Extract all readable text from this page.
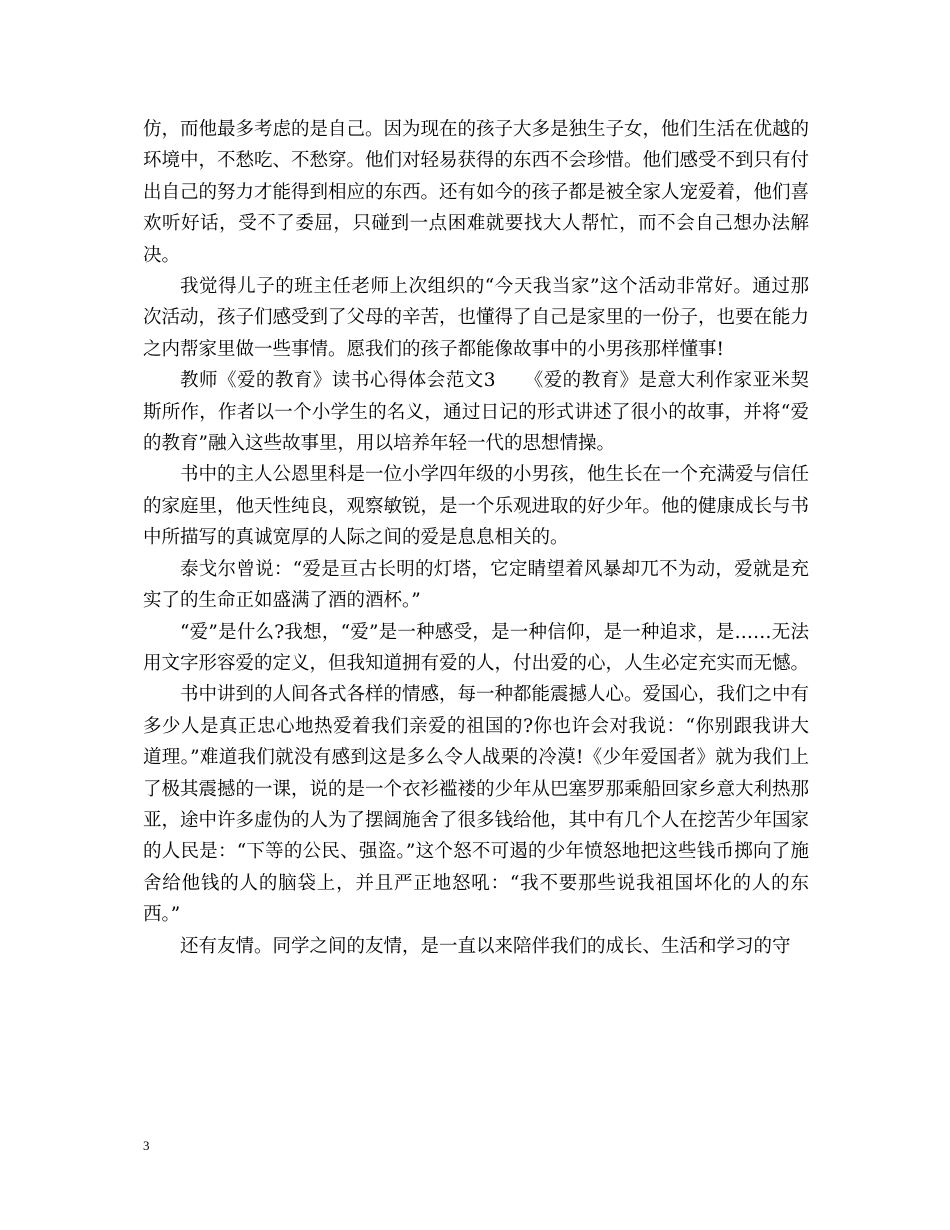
仿，而他最多考虑的是自己。因为现在的孩子大多是独生子女，他们生活在优越的环境中，不愁吃、不愁穿。他们对轻易获得的东西不会珍惜。他们感受不到只有付出自己的努力才能得到相应的东西。还有如今的孩子都是被全家人宠爱着，他们喜欢听好话，受不了委屈，只碰到一点困难就要找大人帮忙，而不会自己想办法解决。

我觉得儿子的班主任老师上次组织的“今天我当家”这个活动非常好。通过那次活动，孩子们感受到了父母的辛苦，也懂得了自己是家里的一份子，也要在能力之内帮家里做一些事情。愿我们的孩子都能像故事中的小男孩那样懂事!

教师《爱的教育》读书心得体会范文3　　《爱的教育》是意大利作家亚米契斯所作，作者以一个小学生的名义，通过日记的形式讲述了很小的故事，并将“爱的教育”融入这些故事里，用以培养年轻一代的思想情操。

书中的主人公恩里科是一位小学四年级的小男孩，他生长在一个充满爱与信任的家庭里，他天性纯良，观察敏锐，是一个乐观进取的好少年。他的健康成长与书中所描写的真诚宽厚的人际之间的爱是息息相关的。

泰戈尔曾说：“爱是亘古长明的灯塔，它定睛望着风暴却兀不为动，爱就是充实了的生命正如盛满了酒的酒杯。”

“爱”是什么?我想，“爱”是一种感受，是一种信仰，是一种追求，是……无法用文字形容爱的定义，但我知道拥有爱的人，付出爱的心，人生必定充实而无憾。

书中讲到的人间各式各样的情感，每一种都能震撼人心。爱国心，我们之中有多少人是真正忠心地热爱着我们亲爱的祖国的?你也许会对我说：“你别跟我讲大道理。”难道我们就没有感到这是多么令人战栗的冷漠!《少年爱国者》就为我们上了极其震撼的一课，说的是一个衣衫褴褛的少年从巴塞罗那乘船回家乡意大利热那亚，途中许多虚伪的人为了摆阔施舍了很多钱给他，其中有几个人在挖苦少年国家的人民是：“下等的公民、强盗。”这个怒不可遏的少年愤怒地把这些钱币掷向了施舍给他钱的人的脑袋上，并且严正地怒吼：“我不要那些说我祖国坏化的人的东西。”

还有友情。同学之间的友情，是一直以来陪伴我们的成长、生活和学习的守

3
